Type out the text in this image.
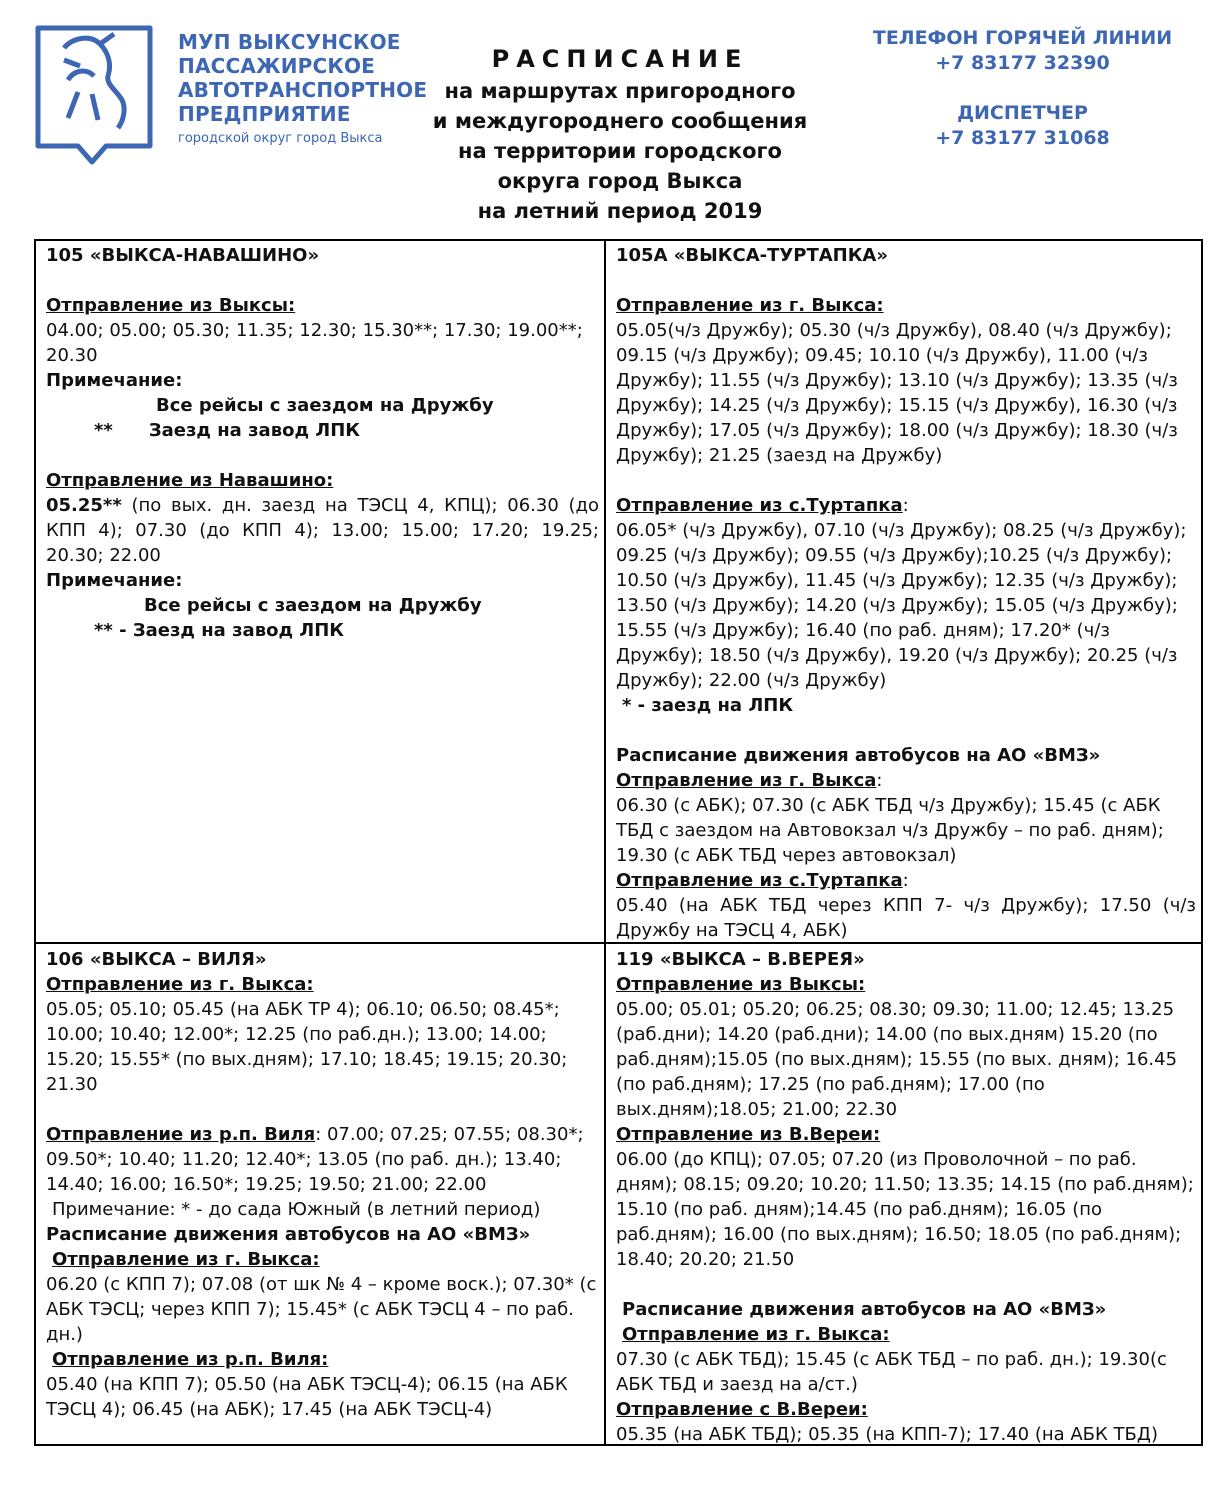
МУП ВЫКСУНСКОЕ
ПАССАЖИРСКОЕ
АВТОТРАНСПОРТНОЕ
ПРЕДПРИЯТИЕ
городской округ город Выкса
РАСПИСАНИЕ
на маршрутах пригородного
и междугороднего сообщения
на территории городского
округа город Выкса
на летний период 2019
ТЕЛЕФОН ГОРЯЧЕЙ ЛИНИИ
+7 83177 32390
ДИСПЕТЧЕР
+7 83177 31068

105 «ВЫКСА-НАВАШИНО»

Отправление из Выксы:

04.00; 05.00; 05.30; 11.35; 12.30; 15.30**; 17.30; 19.00**; 20.30

Примечание:

Все рейсы с заездом на Дружбу

** Заезд на завод ЛПК

Отправление из Навашино:

05.25** (по вых. дн. заезд на ТЭСЦ 4, КПЦ); 06.30 (до КПП 4); 07.30 (до КПП 4); 13.00; 15.00; 17.20; 19.25; 20.30; 22.00

Примечание:

Все рейсы с заездом на Дружбу

** - Заезд на завод ЛПК

105А «ВЫКСА-ТУРТАПКА»

Отправление из г. Выкса:

05.05(ч/з Дружбу); 05.30 (ч/з Дружбу), 08.40 (ч/з Дружбу); 09.15 (ч/з Дружбу); 09.45; 10.10 (ч/з Дружбу), 11.00 (ч/з Дружбу); 11.55 (ч/з Дружбу); 13.10 (ч/з Дружбу); 13.35 (ч/з Дружбу); 14.25 (ч/з Дружбу); 15.15 (ч/з Дружбу), 16.30 (ч/з Дружбу); 17.05 (ч/з Дружбу); 18.00 (ч/з Дружбу); 18.30 (ч/з Дружбу); 21.25 (заезд на Дружбу)

Отправление из с.Туртапка:

06.05* (ч/з Дружбу), 07.10 (ч/з Дружбу); 08.25 (ч/з Дружбу); 09.25 (ч/з Дружбу); 09.55 (ч/з Дружбу);10.25 (ч/з Дружбу); 10.50 (ч/з Дружбу), 11.45 (ч/з Дружбу); 12.35 (ч/з Дружбу); 13.50 (ч/з Дружбу); 14.20 (ч/з Дружбу); 15.05 (ч/з Дружбу); 15.55 (ч/з Дружбу); 16.40 (по раб. дням); 17.20* (ч/з Дружбу); 18.50 (ч/з Дружбу), 19.20 (ч/з Дружбу); 20.25 (ч/з Дружбу); 22.00 (ч/з Дружбу)

* - заезд на ЛПК

Расписание движения автобусов на АО «ВМЗ»

Отправление из г. Выкса:

06.30 (с АБК); 07.30 (с АБК ТБД ч/з Дружбу); 15.45 (с АБК ТБД с заездом на Автовокзал ч/з Дружбу – по раб. дням); 19.30 (с АБК ТБД через автовокзал)

Отправление из с.Туртапка:

05.40 (на АБК ТБД через КПП 7- ч/з Дружбу); 17.50 (ч/з Дружбу на ТЭСЦ 4, АБК)

106 «ВЫКСА – ВИЛЯ»

Отправление из г. Выкса:

05.05; 05.10; 05.45 (на АБК ТР 4); 06.10; 06.50; 08.45*; 10.00; 10.40; 12.00*; 12.25 (по раб.дн.); 13.00; 14.00; 15.20; 15.55* (по вых.дням); 17.10; 18.45; 19.15; 20.30; 21.30

Отправление из р.п. Виля: 07.00; 07.25; 07.55; 08.30*; 09.50*; 10.40; 11.20; 12.40*; 13.05 (по раб. дн.); 13.40; 14.40; 16.00; 16.50*; 19.25; 19.50; 21.00; 22.00

Примечание: * - до сада Южный (в летний период)

Расписание движения автобусов на АО «ВМЗ»

Отправление из г. Выкса:

06.20 (с КПП 7); 07.08 (от шк № 4 – кроме воск.); 07.30* (с АБК ТЭСЦ; через КПП 7); 15.45* (с АБК ТЭСЦ 4 – по раб. дн.)

Отправление из р.п. Виля:

05.40 (на КПП 7); 05.50 (на АБК ТЭСЦ-4); 06.15 (на АБК ТЭСЦ 4); 06.45 (на АБК); 17.45 (на АБК ТЭСЦ-4)

119 «ВЫКСА – В.ВЕРЕЯ»

Отправление из Выксы:

05.00; 05.01; 05.20; 06.25; 08.30; 09.30; 11.00; 12.45; 13.25 (раб.дни); 14.20 (раб.дни); 14.00 (по вых.дням) 15.20 (по раб.дням);15.05 (по вых.дням); 15.55 (по вых. дням); 16.45 (по раб.дням); 17.25 (по раб.дням); 17.00 (по вых.дням);18.05; 21.00; 22.30

Отправление из В.Вереи:

06.00 (до КПЦ); 07.05; 07.20 (из Проволочной – по раб. дням); 08.15; 09.20; 10.20; 11.50; 13.35; 14.15 (по раб.дням); 15.10 (по раб. дням);14.45 (по раб.дням); 16.05 (по раб.дням); 16.00 (по вых.дням); 16.50; 18.05 (по раб.дням); 18.40; 20.20; 21.50

Расписание движения автобусов на АО «ВМЗ»

Отправление из г. Выкса:

07.30 (с АБК ТБД); 15.45 (с АБК ТБД – по раб. дн.); 19.30(с АБК ТБД и заезд на а/ст.)

Отправление с В.Вереи:

05.35 (на АБК ТБД); 05.35 (на КПП-7); 17.40 (на АБК ТБД)
